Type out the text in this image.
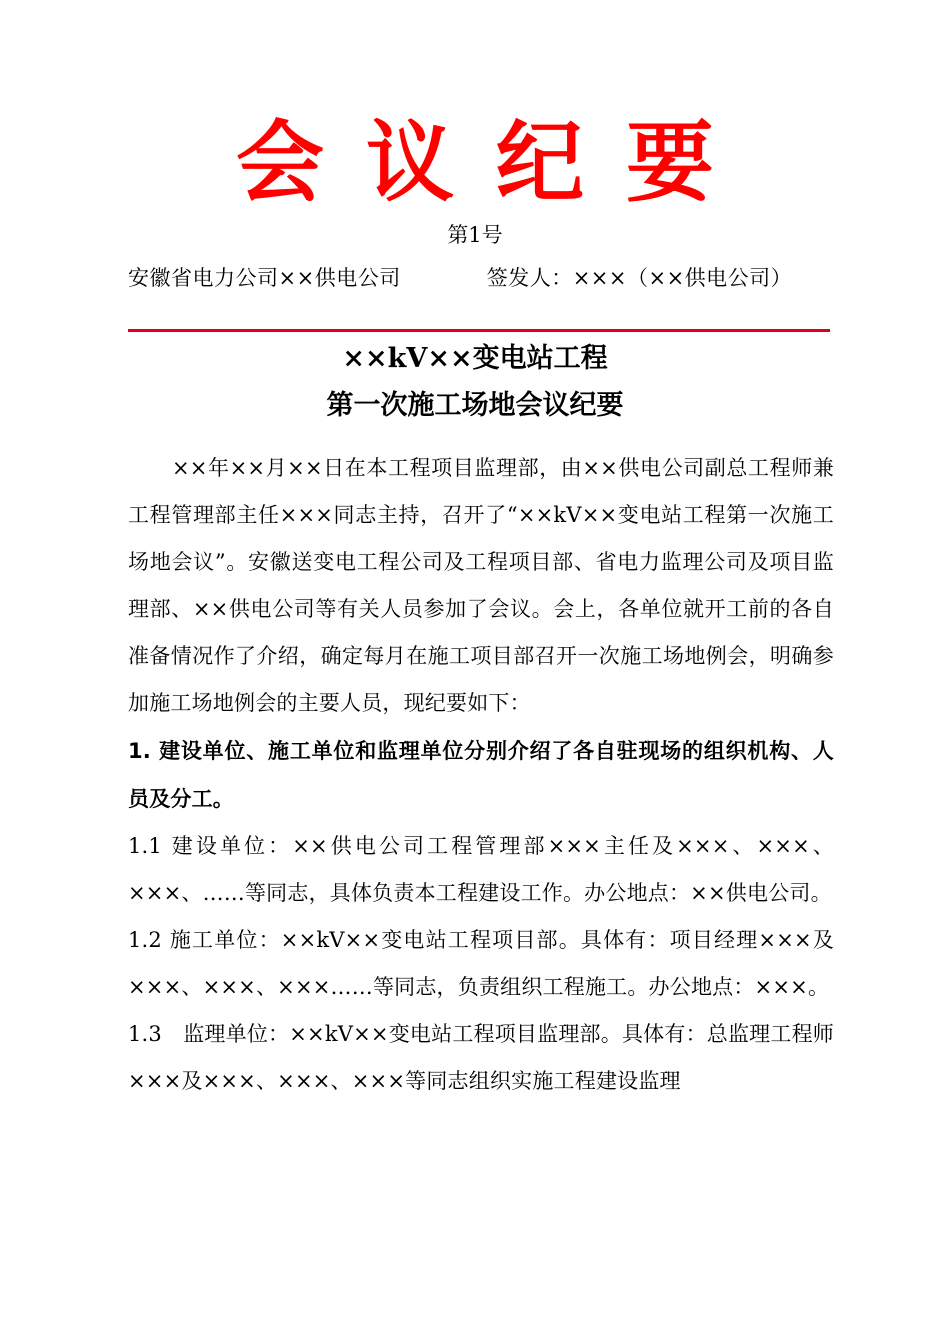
会议纪要
第1号
安徽省电力公司××供电公司	签发人：×××（××供电公司）
××kV××变电站工程
第一次施工场地会议纪要

××年××月××日在本工程项目监理部，由××供电公司副总工程师兼工程管理部主任×××同志主持，召开了“××kV××变电站工程第一次施工场地会议”。安徽送变电工程公司及工程项目部、省电力监理公司及项目监理部、××供电公司等有关人员参加了会议。会上，各单位就开工前的各自准备情况作了介绍，确定每月在施工项目部召开一次施工场地例会，明确参加施工场地例会的主要人员，现纪要如下：

1. 建设单位、施工单位和监理单位分别介绍了各自驻现场的组织机构、人员及分工。

1.1 建设单位：××供电公司工程管理部×××主任及×××、×××、×××、……等同志，具体负责本工程建设工作。办公地点：××供电公司。

1.2 施工单位：××kV××变电站工程项目部。具体有：项目经理×××及×××、×××、×××……等同志，负责组织工程施工。办公地点：×××。

1.3　监理单位：××kV××变电站工程项目监理部。具体有：总监理工程师×××及×××、×××、×××等同志组织实施工程建设监理
